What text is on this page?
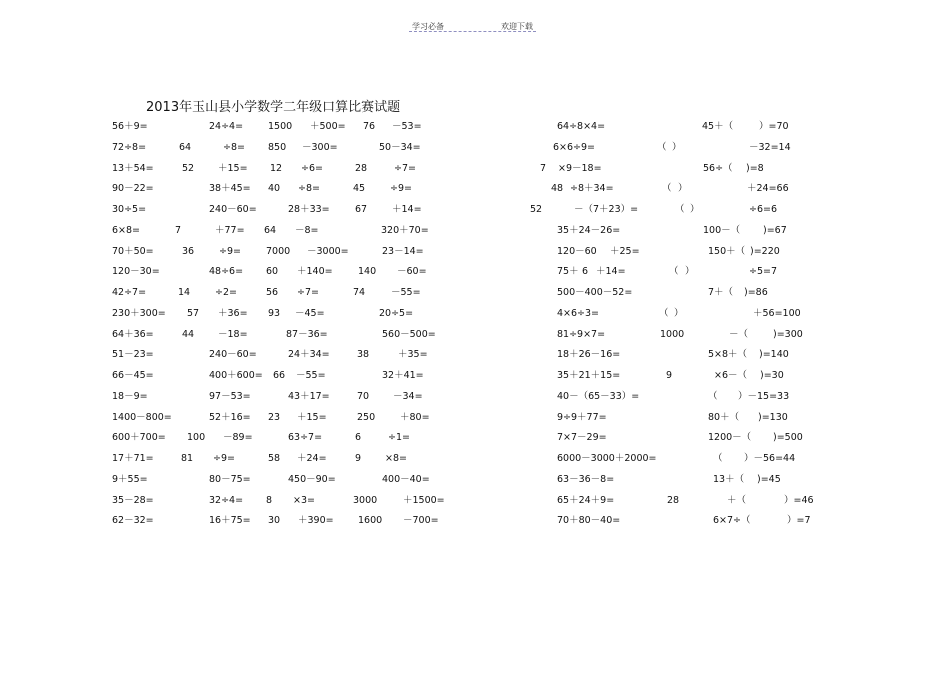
学习必备	欢迎下载
2013年玉山县小学数学二年级口算比赛试题
56＋9=	24÷4=	1500 ＋500= 76 －53=
72÷8=	64	÷8= 850 －300=	50－34=
13＋54=	52	＋15= 12 ÷6=	28	÷7=
90－22=	38＋45= 40 ÷8=	45	÷9=
30÷5=	240－60=	28＋33=	67	＋14=
6×8=	7	＋77= 64 －8=	320＋70=
70＋50=	36	÷9=	7000 －3000=	23－14=
120－30=	48÷6= 60 ＋140=	140 －60=
42÷7=	14	÷2=	56 ÷7=	74	－55=
230＋300= 57 ＋36= 93 －45=	20÷5=
64＋36=	44	－18=	87－36=	560－500=
51－23=	240－60=	24＋34=	38	＋35=
66－45=	400＋600= 66 －55=	32＋41=
18－9=	97－53=	43＋17=	70	－34=
1400－800=	52＋16= 23 ＋15=	250	＋80=
600＋700= 100 －89=	63÷7=	6	÷1=
17＋71=	81 ÷9=	58 ＋24=	9	×8=
9＋55=	80－75=	450－90=	400－40=
35－28=	32÷4= 8 ×3=	3000	＋1500=
62－32=	16＋75= 30 ＋390=	1600 －700=
64÷8×4=	45＋（	）=70
6×6÷9=	（ ）	－32=14
7 ×9－18=	56÷（ )=8
48 ÷8＋34=	（ ）	＋24=66
52	－（7＋23）=	（ ）	÷6=6
35＋24－26=	100－（ )=67
120－60 ＋25=	150＋（ )=220
75＋ 6 ＋14=	（ ）	÷5=7
500－400－52=	7＋（ )=86
4×6÷3=	（ ）	＋56=100
81÷9×7=	1000	－（	)=300
18＋26－16=	5×8＋（ )=140
35＋21＋15=	9	×6－（ )=30
40－（65－33）=	（ ）－15=33
9÷9＋77=	80＋（ )=130
7×7－29=	1200－（ )=500
6000－3000＋2000=	（ ）－56=44
63－36－8=	13＋（ )=45
65＋24＋9=	28	＋（	）=46
70＋80－40=	6×7÷（	）=7
